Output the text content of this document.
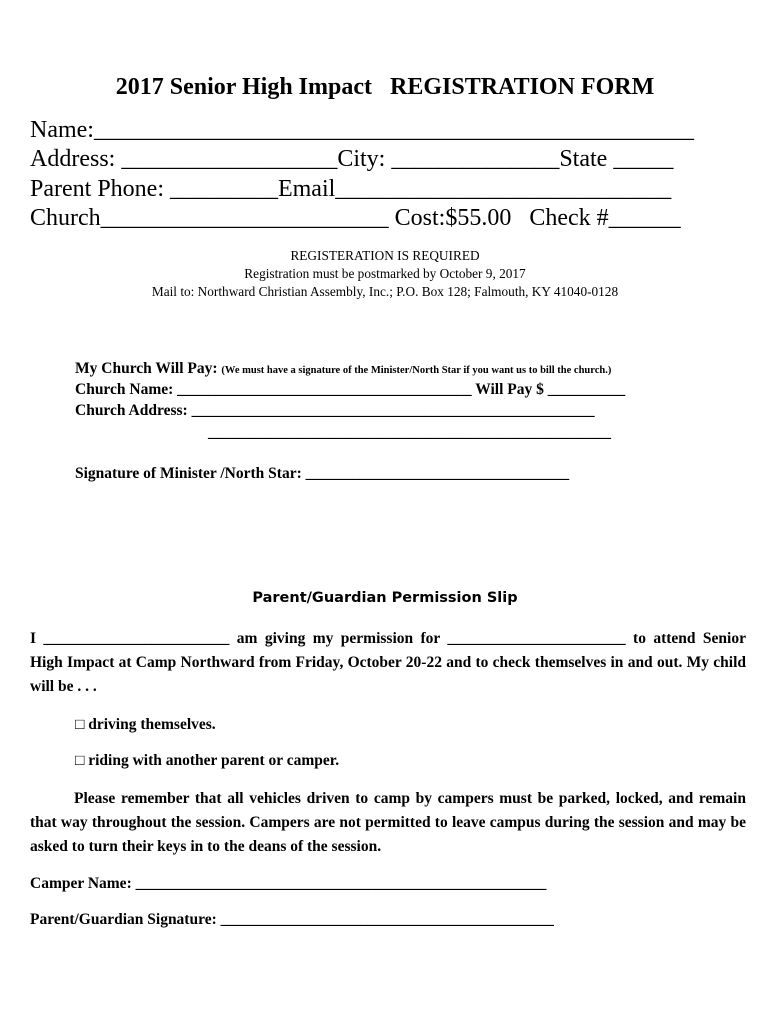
2017 Senior High Impact   REGISTRATION FORM
Name:__________________________________________________
Address: __________________City: ______________State _____
Parent Phone: _________Email____________________________
Church________________________ Cost:$55.00   Check #______
REGISTERATION IS REQUIRED
Registration must be postmarked by October 9, 2017
Mail to: Northward Christian Assembly, Inc.; P.O. Box 128; Falmouth, KY 41040-0128
My Church Will Pay: (We must have a signature of the Minister/North Star if you want us to bill the church.)
Church Name: ______________________________________ Will Pay $ __________
Church Address: ____________________________________________________
____________________________________________________
Signature of Minister /North Star: __________________________________
Parent/Guardian Permission Slip
I ________________________ am giving my permission for _______________________ to attend Senior High Impact at Camp Northward from Friday, October 20-22 and to check themselves in and out. My child will be . . .
□ driving themselves.
□ riding with another parent or camper.
Please remember that all vehicles driven to camp by campers must be parked, locked, and remain that way throughout the session. Campers are not permitted to leave campus during the session and may be asked to turn their keys in to the deans of the session.
Camper Name: _____________________________________________________
Parent/Guardian Signature: ___________________________________________
